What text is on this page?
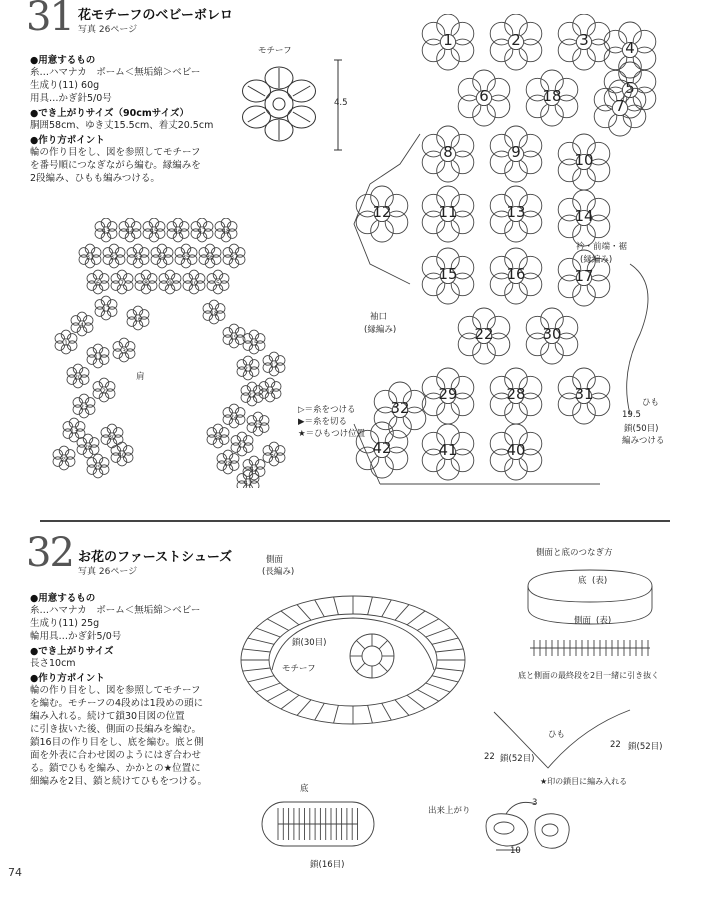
31 花モチーフのベビーボレロ
写真 26ページ
●用意するもの
糸…ハマナカ　ボーム＜無垢綿＞ベビー
生成り(11) 60g
用具…かぎ針5/0号
●でき上がりサイズ（90cmサイズ）
胴囲58cm、ゆき丈15.5cm、着丈20.5cm
●作り方ポイント
輪の作り目をし、図を参照してモチーフ
を番号順につなぎながら編む。縁編みを
2段編み、ひもも編みつける。
モチーフ
4.5
43	44	45	46	47	48
31	32	33	34	35	36	37
6	7	8	9	10	5
17
18
4
16
19
1
11
3
15
20
21
12
2
22
14
23
24
13
25
27
26
38
30
28
39
29	42
40	50
41
肩
▷＝糸をつける
▶＝糸を切る
★＝ひもつけ位置
1	2	3 4
5
6	18
7
8	9	10
12	11	13	14
15	16	17
22	30
29	28	31
32
42	41	40
衿・前端・裾
(縁編み)
袖口
(縁編み)
ひも
19.5
鎖(50目)
編みつける
32 お花のファーストシューズ
写真 26ページ
●用意するもの
糸…ハマナカ　ボーム＜無垢綿＞ベビー
生成り(11) 25g
輪用具…かぎ針5/0号
●でき上がりサイズ
長さ10cm
●作り方ポイント
輪の作り目をし、図を参照してモチーフ
を編む。モチーフの4段めは1段めの頭に
編み入れる。続けて鎖30目図の位置
に引き抜いた後、側面の長編みを編む。
鎖16目の作り目をし、底を編む。底と側
面を外表に合わせ図のようにはぎ合わせ
る。鎖でひもを編み、かかとの★位置に
細編みを2目、鎖と続けてひもをつける。
側面
(長編み)
鎖(30目)
モチーフ
底
鎖(16目)
側面と底のつなぎ方
底 (表)
側面 (表)
底と側面の最終段を2目一緒に引き抜く
ひも
22 鎖(52目)
22 鎖(52目)
★印の鎖目に編み入れる
出来上がり
3
10
74
